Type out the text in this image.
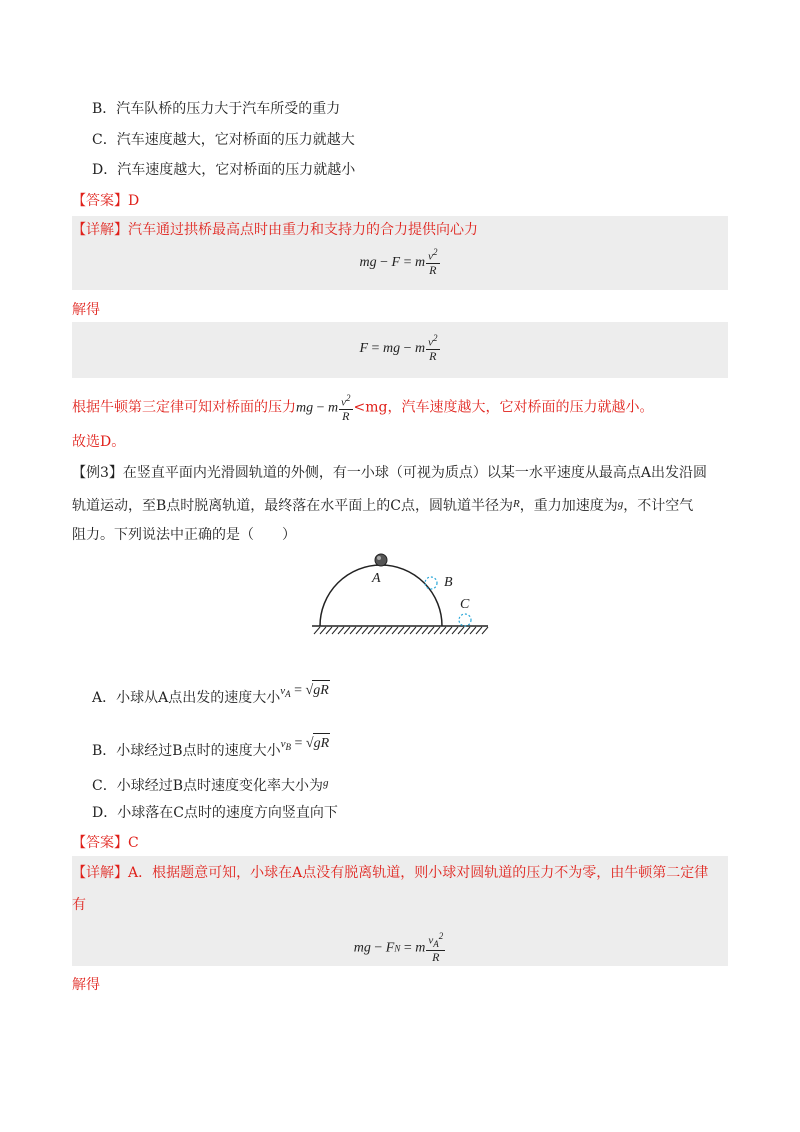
B．汽车队桥的压力大于汽车所受的重力
C．汽车速度越大，它对桥面的压力就越大
D．汽车速度越大，它对桥面的压力就越小
【答案】D
【详解】汽车通过拱桥最高点时由重力和支持力的合力提供向心力
mg − F = m $\frac{v^2}{R}$
解得
F = mg − m $\frac{v^2}{R}$
根据牛顿第三定律可知对桥面的压力mg − m $\frac{v^2}{R} <mg$，汽车速度越大，它对桥面的压力就越小。
故选D。
【例3】在竖直平面内光滑圆轨道的外侧，有一小球（可视为质点）以某一水平速度从最高点A出发沿圆
轨道运动，至B点时脱离轨道，最终落在水平面上的C点，圆轨道半径为$^R$，重力加速度为$^g$，不计空气
阻力。下列说法中正确的是（　　）
A	B
C
A．小球从A点出发的速度大小$^{v_A}$ = √gR
B．小球经过B点时的速度大小$^{v_B}$ = √gR
C．小球经过B点时速度变化率大小为$^g$
D．小球落在C点时的速度方向竖直向下
【答案】C
【详解】A．根据题意可知，小球在A点没有脱离轨道，则小球对圆轨道的压力不为零，由牛顿第二定律
有
mg − FN = m $\frac{v_A^2}{R}$
解得
